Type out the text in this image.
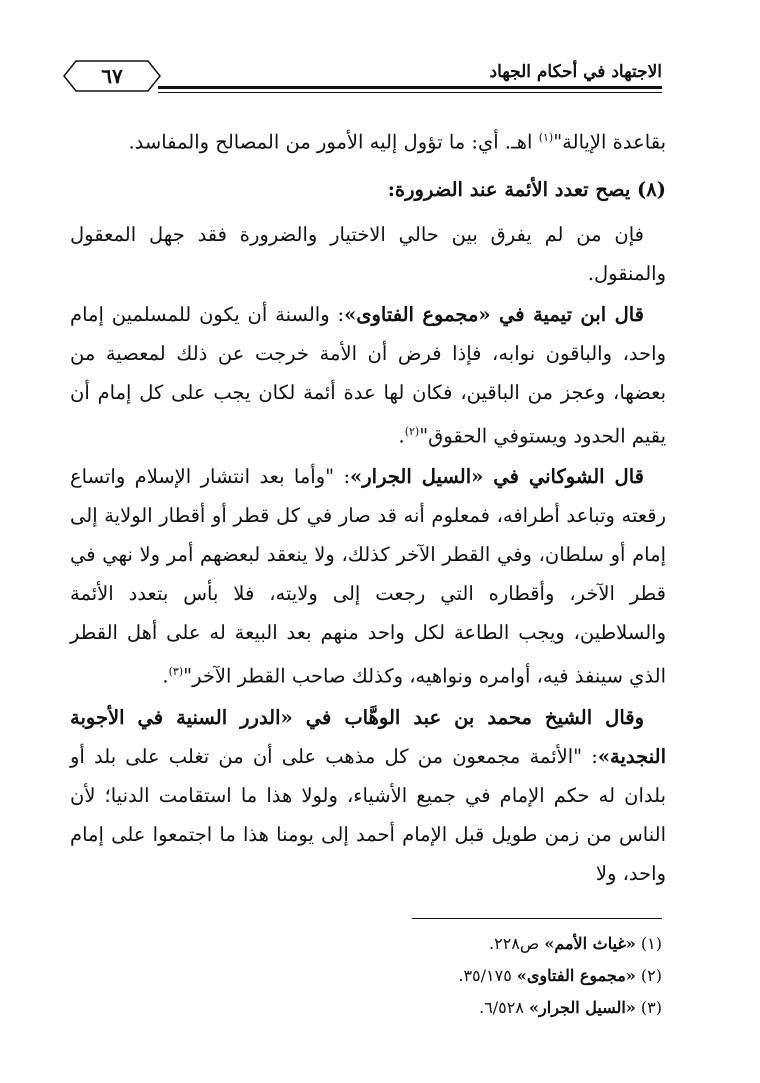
٦٧	الاجتهاد في أحكام الجهاد

بقاعدة الإيالة"$^{(١)}$ اهـ. أي: ما تؤول إليه الأمور من المصالح والمفاسد.

(٨) يصح تعدد الأئمة عند الضرورة:

فإن من لم يفرق بين حالي الاختيار والضرورة فقد جهل المعقول والمنقول.

قال ابن تيمية في «مجموع الفتاوى»: والسنة أن يكون للمسلمين إمام واحد، والباقون نوابه، فإذا فرض أن الأمة خرجت عن ذلك لمعصية من بعضها، وعجز من الباقين، فكان لها عدة أئمة لكان يجب على كل إمام أن يقيم الحدود ويستوفي الحقوق"$^{(٢)}$.

قال الشوكاني في «السيل الجرار»: "وأما بعد انتشار الإسلام واتساع رقعته وتباعد أطرافه، فمعلوم أنه قد صار في كل قطر أو أقطار الولاية إلى إمام أو سلطان، وفي القطر الآخر كذلك، ولا ينعقد لبعضهم أمر ولا نهي في قطر الآخر، وأقطاره التي رجعت إلى ولايته، فلا بأس بتعدد الأئمة والسلاطين، ويجب الطاعة لكل واحد منهم بعد البيعة له على أهل القطر الذي سينفذ فيه، أوامره ونواهيه، وكذلك صاحب القطر الآخر"$^{(٣)}$.

وقال الشيخ محمد بن عبد الوهَّاب في «الدرر السنية في الأجوبة النجدية»: "الأئمة مجمعون من كل مذهب على أن من تغلب على بلد أو بلدان له حكم الإمام في جميع الأشياء، ولولا هذا ما استقامت الدنيا؛ لأن الناس من زمن طويل قبل الإمام أحمد إلى يومنا هذا ما اجتمعوا على إمام واحد، ولا

(١) «غياث الأمم» ص٢٢٨.

(٢) «مجموع الفتاوى» ٣٥/١٧٥.

(٣) «السيل الجرار» ٦/٥٢٨.
